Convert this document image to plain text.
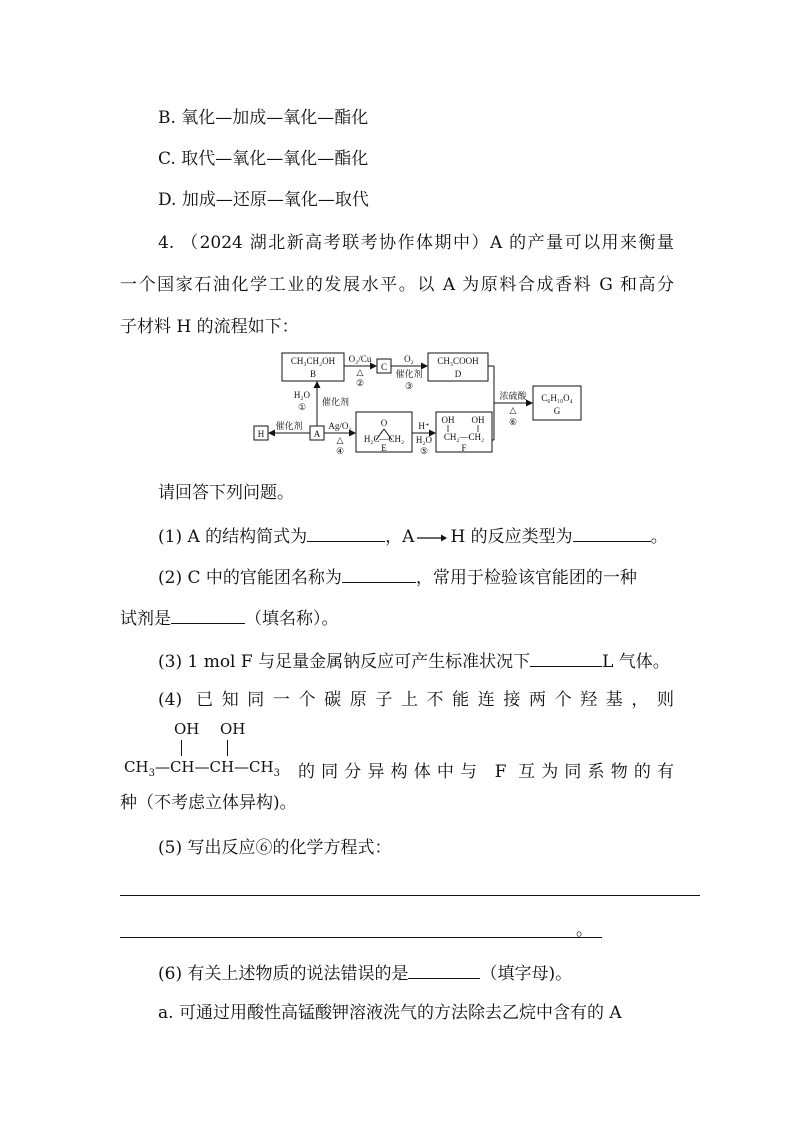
B. 氧化—加成—氧化—酯化
C. 取代—氧化—氧化—酯化
D. 加成—还原—氧化—取代
4. （2024 湖北新高考联考协作体期中）A 的产量可以用来衡量
一个国家石油化学工业的发展水平。以 A 为原料合成香料 G 和高分
子材料 H 的流程如下：
CH₃CH₂OH
B
O₂/Cu
△
②
C
O₂
催化剂
③
CH₃COOH
D
浓硫酸
△
⑥
C₆H₁₀O₄
G
H₂O
① 催化剂
H
催化剂
A
Ag/O₂
△
④
O
H₂C—CH₂
E
H⁺
H₂O
⑤
OH OH
CH₂—CH₂
F
请回答下列问题。
(1) A 的结构简式为	，A → H 的反应类型为	。
(2) C 中的官能团名称为	，常用于检验该官能团的一种
试剂是	（填名称）。
(3) 1 mol F 与足量金属钠反应可产生标准状况下	L 气体。
(4) 已知同一个碳原子上不能连接两个羟基，则
OH OH
$CH_3—CH—CH—CH_3$ 的同分异构体中与 F 互为同系物的有
种（不考虑立体异构)。
(5) 写出反应⑥的化学方程式：
。
(6) 有关上述物质的说法错误的是	（填字母)。
a. 可通过用酸性高锰酸钾溶液洗气的方法除去乙烷中含有的 A
